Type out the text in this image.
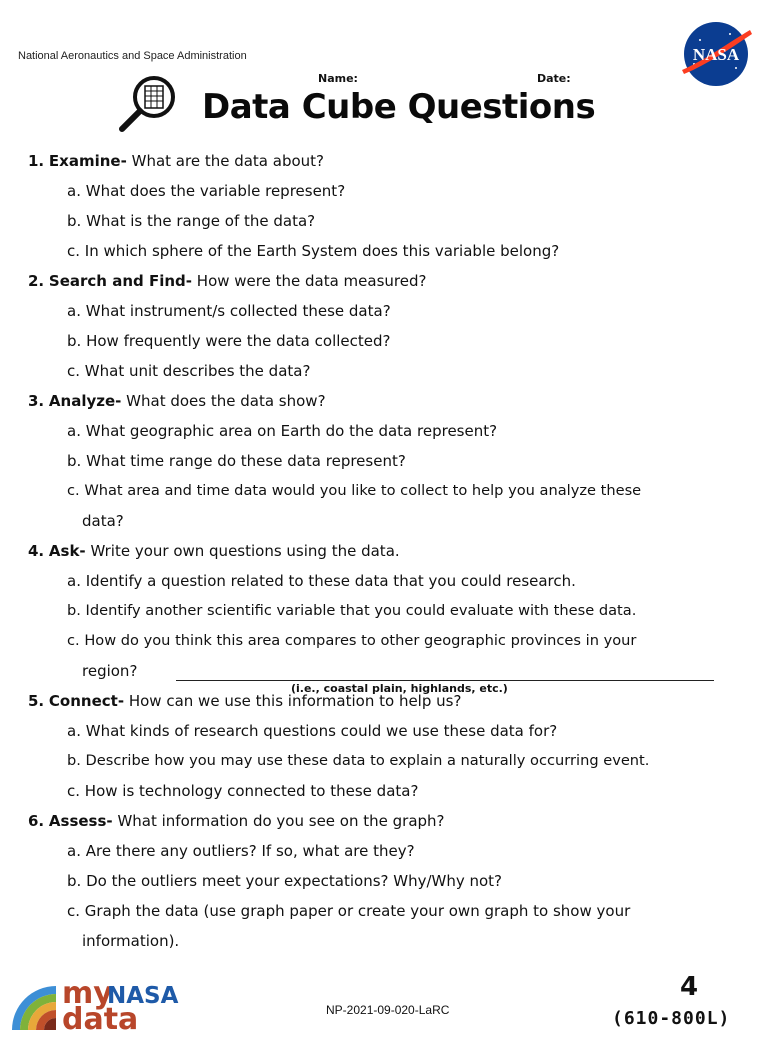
National Aeronautics and Space Administration	NASA
Name:	Date:
Data Cube Questions
1. Examine- What are the data about?
a. What does the variable represent?
b. What is the range of the data?
c. In which sphere of the Earth System does this variable belong?
2. Search and Find- How were the data measured?
a. What instrument/s collected these data?
b. How frequently were the data collected?
c. What unit describes the data?
3. Analyze- What does the data show?
a. What geographic area on Earth do the data represent?
b. What time range do these data represent?
c. What area and time data would you like to collect to help you analyze these
data?
4. Ask- Write your own questions using the data.
a. Identify a question related to these data that you could research.
b. Identify another scientific variable that you could evaluate with these data.
c. How do you think this area compares to other geographic provinces in your
region?
(i.e., coastal plain, highlands, etc.)
5. Connect- How can we use this information to help us?
a. What kinds of research questions could we use these data for?
b. Describe how you may use these data to explain a naturally occurring event.
c. How is technology connected to these data?
6. Assess- What information do you see on the graph?
a. Are there any outliers? If so, what are they?
b. Do the outliers meet your expectations? Why/Why not?
c. Graph the data (use graph paper or create your own graph to show your
information).
my
NASA
data	NP-2021-09-020-LaRC
4
(610-800L)
